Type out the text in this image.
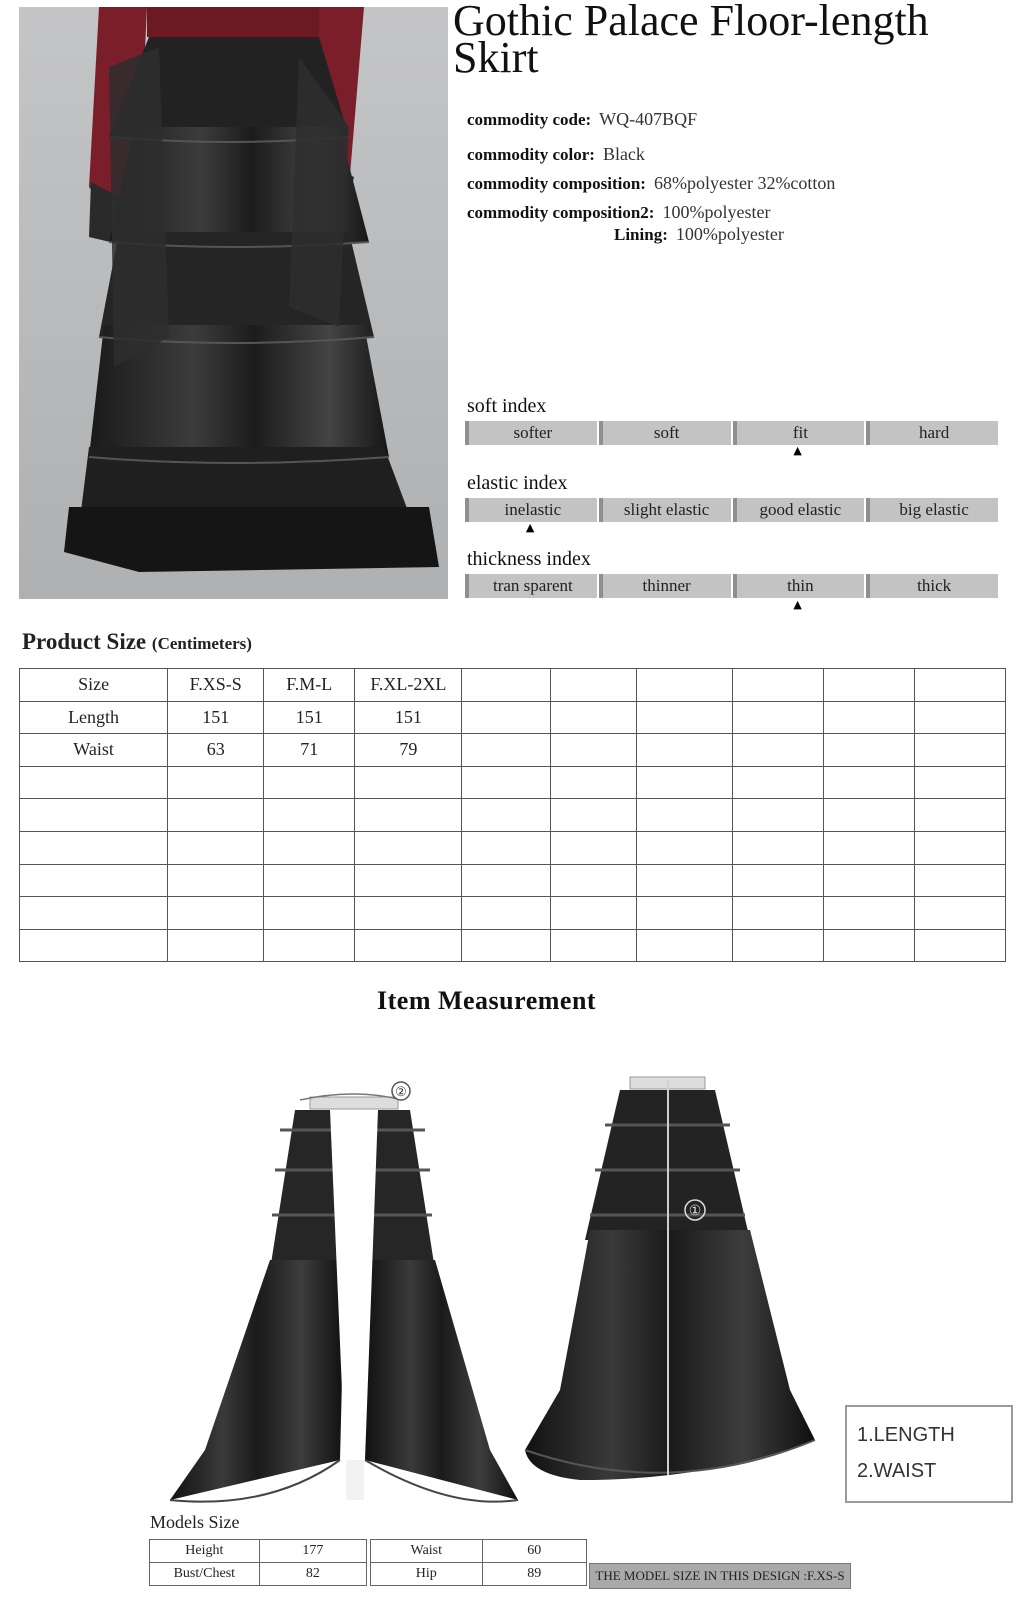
Gothic Palace Floor-length Skirt
commodity code: WQ-407BQF
commodity color: Black
commodity composition: 68%polyester 32%cotton
commodity composition2: 100%polyester
Lining: 100%polyester
soft index
softer	soft	fit	hard
▲
elastic index
inelastic	slight elastic	good elastic	big elastic
▲
thickness index
tran sparent	thinner	thin	thick
▲
Product Size (Centimeters)
Size	F.XS-S	F.M-L	F.XL-2XL						
Length	151	151	151						
Waist	63	71	79						

Item Measurement
②
①
1.LENGTH
2.WAIST
Models Size
Height	177
Bust/Chest	82
Waist	60
Hip	89	THE MODEL SIZE IN THIS DESIGN :F.XS-S
